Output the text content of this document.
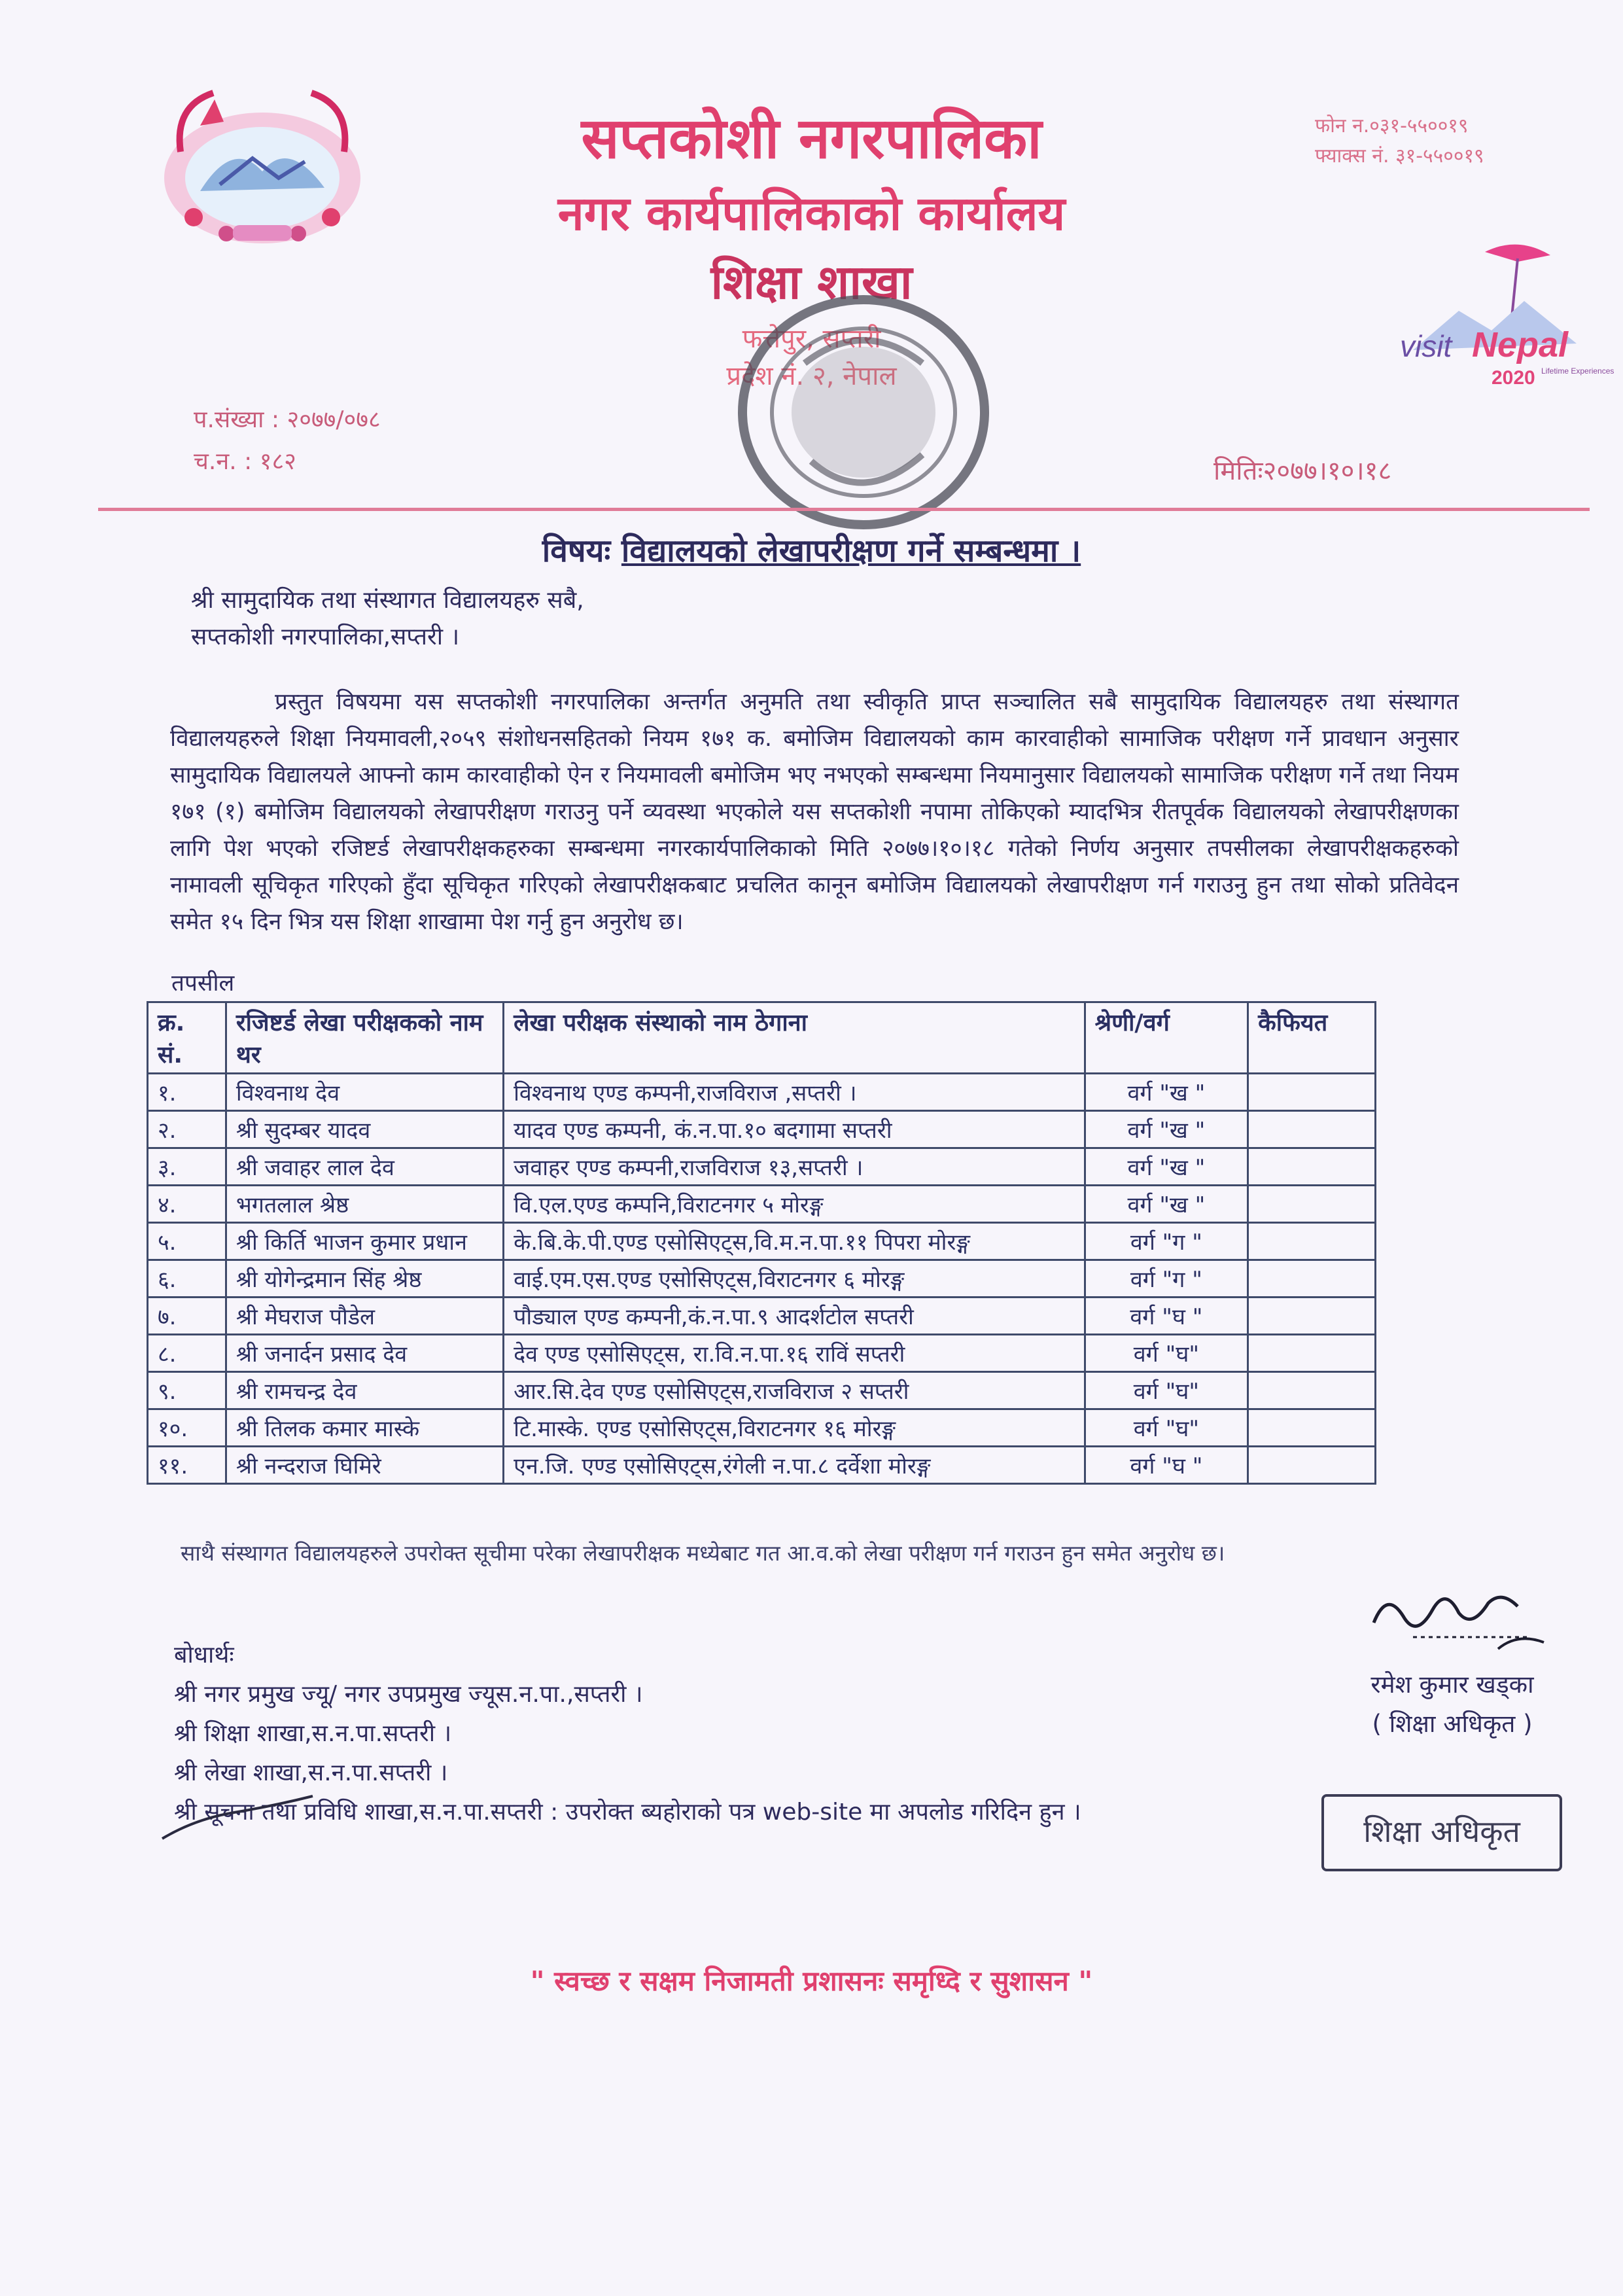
सप्तकोशी नगरपालिका
नगर कार्यपालिकाको कार्यालय
शिक्षा शाखा
फत्तेपुर, सप्तरी
प्रदेश नं. २, नेपाल
फोन न.०३१-५५००१९
फ्याक्स नं. ३१-५५००१९
visit Nepal
2020 Lifetime Experiences
प.संख्या : २०७७/०७८
च.न. : १८२	मितिः२०७७।१०।१८
विषयः विद्यालयको लेखापरीक्षण गर्ने सम्बन्धमा ।
श्री सामुदायिक तथा संस्थागत विद्यालयहरु सबै,
सप्तकोशी नगरपालिका,सप्तरी ।

प्रस्तुत विषयमा यस सप्तकोशी नगरपालिका अन्तर्गत अनुमति तथा स्वीकृति प्राप्त सञ्चालित सबै सामुदायिक विद्यालयहरु तथा संस्थागत विद्यालयहरुले शिक्षा नियमावली,२०५९ संशोधनसहितको नियम १७१ क. बमोजिम विद्यालयको काम कारवाहीको सामाजिक परीक्षण गर्ने प्रावधान अनुसार सामुदायिक विद्यालयले आफ्नो काम कारवाहीको ऐन र नियमावली बमोजिम भए नभएको सम्बन्धमा नियमानुसार विद्यालयको सामाजिक परीक्षण गर्ने तथा नियम १७१ (१) बमोजिम विद्यालयको लेखापरीक्षण गराउनु पर्ने व्यवस्था भएकोले यस सप्तकोशी नपामा तोकिएको म्यादभित्र रीतपूर्वक विद्यालयको लेखापरीक्षणका लागि पेश भएको रजिष्टर्ड लेखापरीक्षकहरुका सम्बन्धमा नगरकार्यपालिकाको मिति २०७७।१०।१८ गतेको निर्णय अनुसार तपसीलका लेखापरीक्षकहरुको नामावली सूचिकृत गरिएको हुँदा सूचिकृत गरिएको लेखापरीक्षकबाट प्रचलित कानून बमोजिम विद्यालयको लेखापरीक्षण गर्न गराउनु हुन तथा सोको प्रतिवेदन समेत १५ दिन भित्र यस शिक्षा शाखामा पेश गर्नु हुन अनुरोध छ।

तपसील
क्र. सं.	रजिष्टर्ड लेखा परीक्षकको नाम थर	लेखा परीक्षक संस्थाको नाम ठेगाना	श्रेणी/वर्ग	कैफियत
१.	विश्वनाथ देव	विश्वनाथ एण्ड कम्पनी,राजविराज ,सप्तरी ।	वर्ग "ख "	
२.	श्री सुदम्बर यादव	यादव एण्ड कम्पनी, कं.न.पा.१० बदगामा सप्तरी	वर्ग "ख "	
३.	श्री जवाहर लाल देव	जवाहर एण्ड कम्पनी,राजविराज १३,सप्तरी ।	वर्ग "ख "	
४.	भगतलाल श्रेष्ठ	वि.एल.एण्ड कम्पनि,विराटनगर ५ मोरङ्ग	वर्ग "ख "	
५.	श्री किर्ति भाजन कुमार प्रधान	के.बि.के.पी.एण्ड एसोसिएट्स,वि.म.न.पा.११ पिपरा मोरङ्ग	वर्ग "ग "	
६.	श्री योगेन्द्रमान सिंह श्रेष्ठ	वाई.एम.एस.एण्ड एसोसिएट्स,विराटनगर ६ मोरङ्ग	वर्ग "ग "	
७.	श्री मेघराज पौडेल	पौड्याल एण्ड कम्पनी,कं.न.पा.९ आदर्शटोल सप्तरी	वर्ग "घ "	
८.	श्री जनार्दन प्रसाद देव	देव एण्ड एसोसिएट्स, रा.वि.न.पा.१६ राविं सप्तरी	वर्ग "घ"	
९.	श्री रामचन्द्र देव	आर.सि.देव एण्ड एसोसिएट्स,राजविराज २ सप्तरी	वर्ग "घ"	
१०.	श्री तिलक कमार मास्के	टि.मास्के. एण्ड एसोसिएट्स,विराटनगर १६ मोरङ्ग	वर्ग "घ"	
११.	श्री नन्दराज घिमिरे	एन.जि. एण्ड एसोसिएट्स,रंगेली न.पा.८ दर्वेशा मोरङ्ग	वर्ग "घ "	
साथै संस्थागत विद्यालयहरुले उपरोक्त सूचीमा परेका लेखापरीक्षक मध्येबाट गत आ.व.को लेखा परीक्षण गर्न गराउन हुन समेत अनुरोध छ।
बोधार्थः
श्री नगर प्रमुख ज्यू/ नगर उपप्रमुख ज्यूस.न.पा.,सप्तरी ।
श्री शिक्षा शाखा,स.न.पा.सप्तरी ।
श्री लेखा शाखा,स.न.पा.सप्तरी ।
श्री सूचना तथा प्रविधि शाखा,स.न.पा.सप्तरी : उपरोक्त ब्यहोराको पत्र web-site मा अपलोड गरिदिन हुन ।
रमेश कुमार खड्का
( शिक्षा अधिकृत )
शिक्षा अधिकृत
" स्वच्छ र सक्षम निजामती प्रशासनः समृध्दि र सुशासन "
